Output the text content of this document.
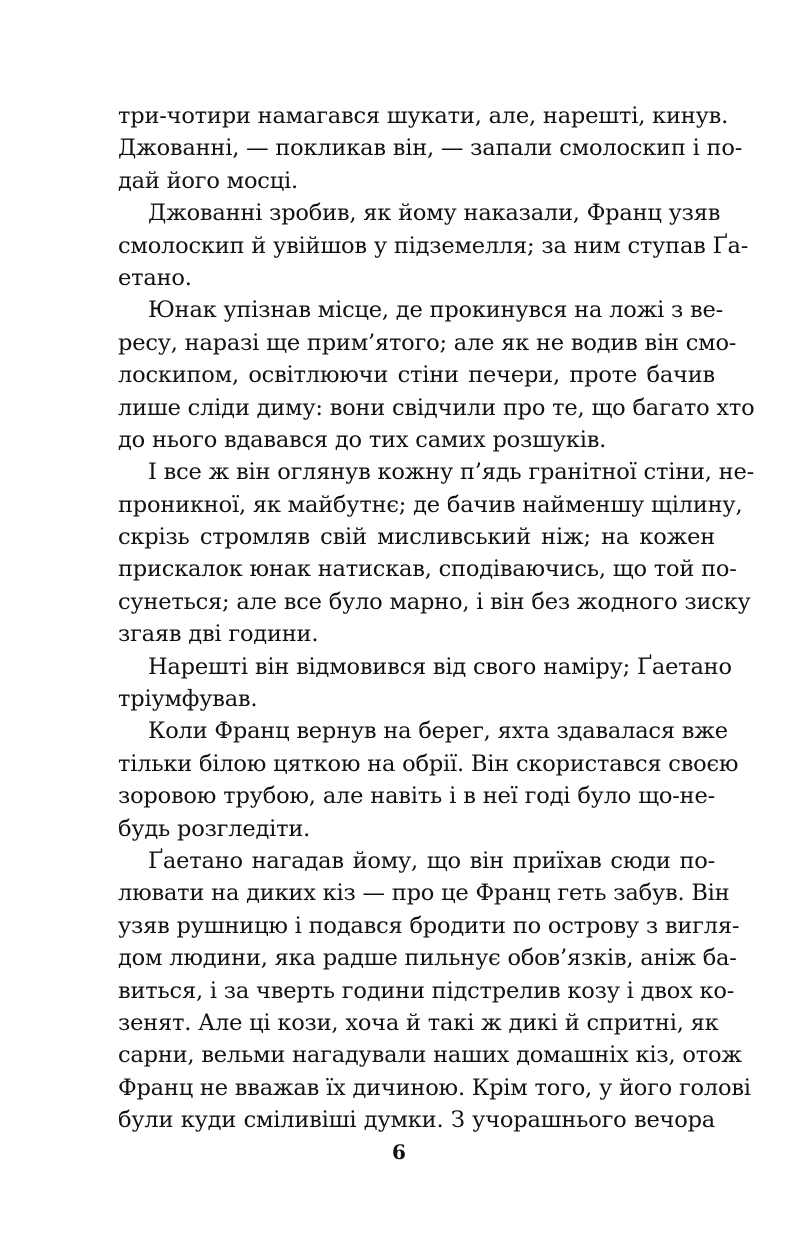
три-чотири намагався шукати, але, нарешті, кинув.
Джованні, — покликав він, — запали смолоскип і по-
дай його мосці.
Джованні зробив, як йому наказали, Франц узяв
смолоскип й увійшов у підземелля; за ним ступав Ґа-
етано.
Юнак упізнав місце, де прокинувся на ложі з ве-
ресу, наразі ще прим’ятого; але як не водив він смо-
лоскипом, освітлюючи стіни печери, проте бачив
лише сліди диму: вони свідчили про те, що багато хто
до нього вдавався до тих самих розшуків.
І все ж він оглянув кожну п’ядь гранітної стіни, не-
проникної, як майбутнє; де бачив найменшу щілину,
скрізь стромляв свій мисливський ніж; на кожен
прискалок юнак натискав, сподіваючись, що той по-
сунеться; але все було марно, і він без жодного зиску
згаяв дві години.
Нарешті він відмовився від свого наміру; Ґаетано
тріумфував.
Коли Франц вернув на берег, яхта здавалася вже
тільки білою цяткою на обрії. Він скористався своєю
зоровою трубою, але навіть і в неї годі було що-не-
будь розгледіти.
Ґаетано нагадав йому, що він приїхав сюди по-
лювати на диких кіз — про це Франц геть забув. Він
узяв рушницю і подався бродити по острову з вигля-
дом людини, яка радше пильнує обов’язків, аніж ба-
виться, і за чверть години підстрелив козу і двох ко-
зенят. Але ці кози, хоча й такі ж дикі й спритні, як
сарни, вельми нагадували наших домашніх кіз, отож
Франц не вважав їх дичиною. Крім того, у його голові
були куди сміливіші думки. З учорашнього вечора
6
